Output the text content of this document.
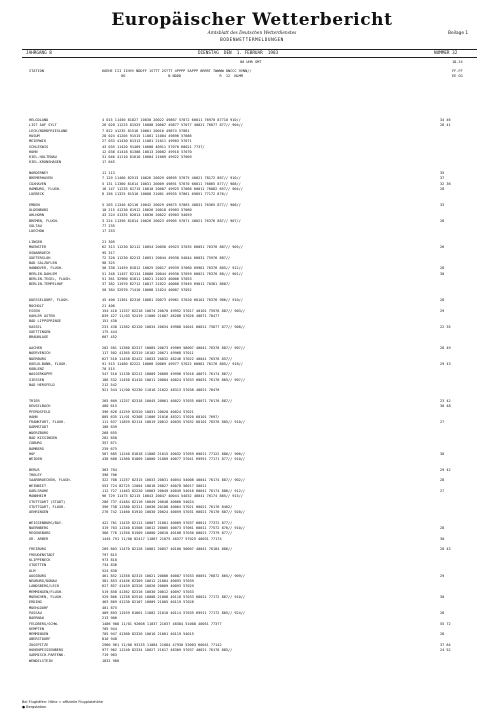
Europäischer Wetterbericht
Amtsblatt des Deutschen Wetterdienstes	Beilage 1
BODENWETTERMELDUNGEN
JAHRGANG 8	DIENSTAG  DEN  1. FEBRUAR  1983	NUMMER 32
00 UHR GMT	18-24
STATION	KOEHE III IIHVV NDDFF 1STTT 2STTT 4PPPP 5APPP 6RRRT 7WWWW 8NCCC 9VNN//
NS                    N NDDD                  R  12  NLMM
FF-FF
EE GG
HELGOLAND	4 015 11450 81827 10030 20022 49867 57072 60011 76970 87710 910//	34 46
LIST AUF SYLT	26 020 11225 81525 10008 20007 49877 57077 40021 76877 877// 904//	28 41
LECK/NORDFRIESLAND	7 022 41235 81516 10001 20016 49874 57081
HUSUM	28 024 41205 91515 11001 21004 49896 57086
MEIERWIK	27 033 41430 81313 11001 21011 49903 57071
SCHLESWIG	43 035 11420 91409 10008 40911 57070 60021 7737/
HOHN	12 038 41418 81308 10013 20002 49910 57070
KIEL-HOLTENAU	31 046 41110 81610 10004 21009 49922 57069
KIEL-KRONSHAGEN	17 045
NORDERNEY	11 113	35
BREMERHAVEN	7 129 11460 82513 10026 20029 49895 57075 40021 78172 867// 910//	37
CUXHAVEN	5 131 11360 81614 10031 20009 49891 57070 60011 76065 877// 908//	32 36
HAMBURG, FLUGH.	16 147 11235 81715 10010 20007 49925 57068 60011 76082 657// 904//	28
LUEBECK	8 156 11325 81510 10008 21001 49935 57061 69051 77172 876//
EMDEN	5 203 11340 82116 10042 20029 49875 57063 40031 76365 877// 908//	33
OLDENBURG	10 215 41230 81912 10026 20018 49903 57060
AHLHORN	43 224 41335 82014 10036 20022 49903 54059
BREMEN, FLUGH.	3 224 11356 81814 10026 20023 49905 57071 40021 76376 887// 907//	28
SOLTAU	77 235
LUECHOW	17 253
LINGEN	21 305
MUENSTER	62 313 11230 82112 10054 20050 49923 57035 60051 76376 887// 905//	26
OSNABRUECK	95 317
GUETERSLOH	72 320 11230 82213 10051 20044 49930 54044 60031 75976 887//
BAD SALZUFLEN	98 325
HANNOVER, FLUGH.	56 338 11459 81812 10025 20017 49939 57060 69981 76376 885// 912//	28
BERLIN-DAHLEM	51 348 11457 82114 10000 20044 49930 57059 60021 76376 88/// 901//	30
BERLIN-TEGEL, FLUGH.	51 361 32960 81811 10021 21023 40006 57053
BERLIN-TEMPELHOF	37 382 11970 82712 10017 21022 40008 57049 69011 70381 8607/
50 384 32970 71410 10008 21024 40007 57052
DUESSELDORF, FLUGH.	45 400 11361 82316 10081 20073 49961 57020 60101 76376 986// 910//	28
BOCHOLT	21 406
ESSEN	154 410 11257 82218 10074 20070 49952 57017 40101 75976 887// 903//	29
KAHLER ASTEN	839 427 11/03 92419 11006 21007 48288 57026 40071 76477
BAD LIPPSPRINGE	151 430
KASSEL	231 438 11362 82120 10034 20034 49988 54041 60011 75877 877// 908//	22 35
GOETTINGEN	175 444
BRAUNLAGE	607 452
AACHEN	202 501 11360 82317 10085 20073 49969 58007 40041 76378 887// 907//	28 49
NOERVENICH	117 502 41365 82319 10102 20071 49968 57011
NUERBURG	627 510 11458 82422 10033 20032 48246 57022 40041 76376 857//
KOELN-BONN, FLUGH.	91 513 11480 82222 10068 20069 49977 57022 60081 76176 885// 918//	29 43
KOBLENZ	70 515
WASSERKUPPE	547 516 11130 82212 10009 20009 49998 57016 40071 76174 867//
GIESSEN	186 532 11450 81410 10011 20004 40024 57033 60031 76176 865// 907//
BAD HERSFELD	212 542
921 544 11/00 92230 11018 21022 48313 57038 40021 76476
TRIER	265 609 11257 82318 10045 20061 40022 57035 60071 76176 887//	23 42
DEUSELBACH	480 615	30 48
PFERDSFELD	396 626 41259 82520 10031 20020 40024 57021
HAHN	805 635 11/01 92308 11006 21016 48321 57020 60101 7697/
FRANKFURT, FLUGH.	111 637 11859 82114 10019 20012 40035 57032 60101 76376 885// 910//	27
DARMSTADT	108 639
WUERZBURG	268 655
BAD KISSINGEN	282 658
COBURG	357 671
BAMBERG	239 675
HOF	567 685 11240 81818 11008 21015 40032 57059 60011 77122 886// 906//	30
WEIDEN	438 688 11360 81809 10000 21009 40077 57041 69951 77171 877// 910//
BERUS	363 704	29 42
THOLEY	396 706
SAARBRUECKEN, FLUGH.	322 708 11257 82315 10033 20031 40054 54008 40041 76174 887// 902//	28
WEINBIET	553 724 82725 12004 10018 20027 40078 56017 50011
KARLSRUHE	112 727 11463 82220 10063 20049 40049 54016 60041 76174 886// 912//	27
MANNHEIM	96 729 11475 82115 10043 20047 40044 54032 40041 76174 885// 915//
STUTTGART (STADT)	286 737 41484 82116 10049 20048 40060 54024
STUTTGART, FLUGH.	396 738 11380 82311 10036 20108 40064 57021 60021 76176 8462/
OEHRINGEN	276 742 11460 81910 10030 20024 40059 57031 60021 76176 887// 920//
WEISSENBURG/BAY.	422 761 11435 82111 10007 21001 40069 57037 60011 77372 877//
NUERNBERG	319 763 11340 81508 10012 20005 40073 57061 60011 77572 876// 910//	28
REGENSBURG	366 776 11350 81509 10000 20010 40108 57030 60021 77379 877//
GR. ARBER	1445 791 11/00 82417 11067 21075 48377 57025 40031 77174	30
FREIBURG	269 803 11470 82128 10081 20057 40100 50007 40041 76184 886//	28 43
FREUDENSTADT	797 815
KLIPPENECK	973 818
STOETTEN	734 836
ULM	524 838
AUGSBURG	461 852 11358 82315 10021 20006 40087 57033 60051 76872 865// 909//	29
NEUBURG/DONAU	381 853 41456 82309 10012 21004 40093 57039
LANDSBERG/LECH	627 857 41459 82526 10026 20009 40093 57029
MEMMINGEN/FLUGH.	519 858 41362 82316 10030 20012 40097 57033
MUENCHEN, FLUGH.	529 866 11258 82516 10008 21008 40118 57033 60021 77172 867// 910//	30
ERDING	463 869 41230 82107 10009 21005 40119 57028
MUEHLDORF	401 875
PASSAU	409 893 11559 81601 11002 21010 40114 57035 69911 77172 865// 924//	28
BAERNAU	213 900
FELDBERG/SCHW.	1486 908 11/01 92608 11037 21037 48384 51008 40051 77377	55 72
KEMPTEN	705 944
MEMMINGEN	705 947 41360 82326 10010 21001 40119 54015	28
OBERSTDORF	810 948
ZUGSPITZE	2960 961 11/00 93135 11084 21084 47930 53003 60041 77142	37 84
HOHENPEISSENBERG	977 962 11240 82334 10027 21017 48309 57037 40021 76176 885//	24 52
GARMISCH-PARTENK.	719 963
WENDELSTEIN	1832 980
Bei Flughäfen: Höhe = offizielle Flugplatzhöhe
● Bergstation
